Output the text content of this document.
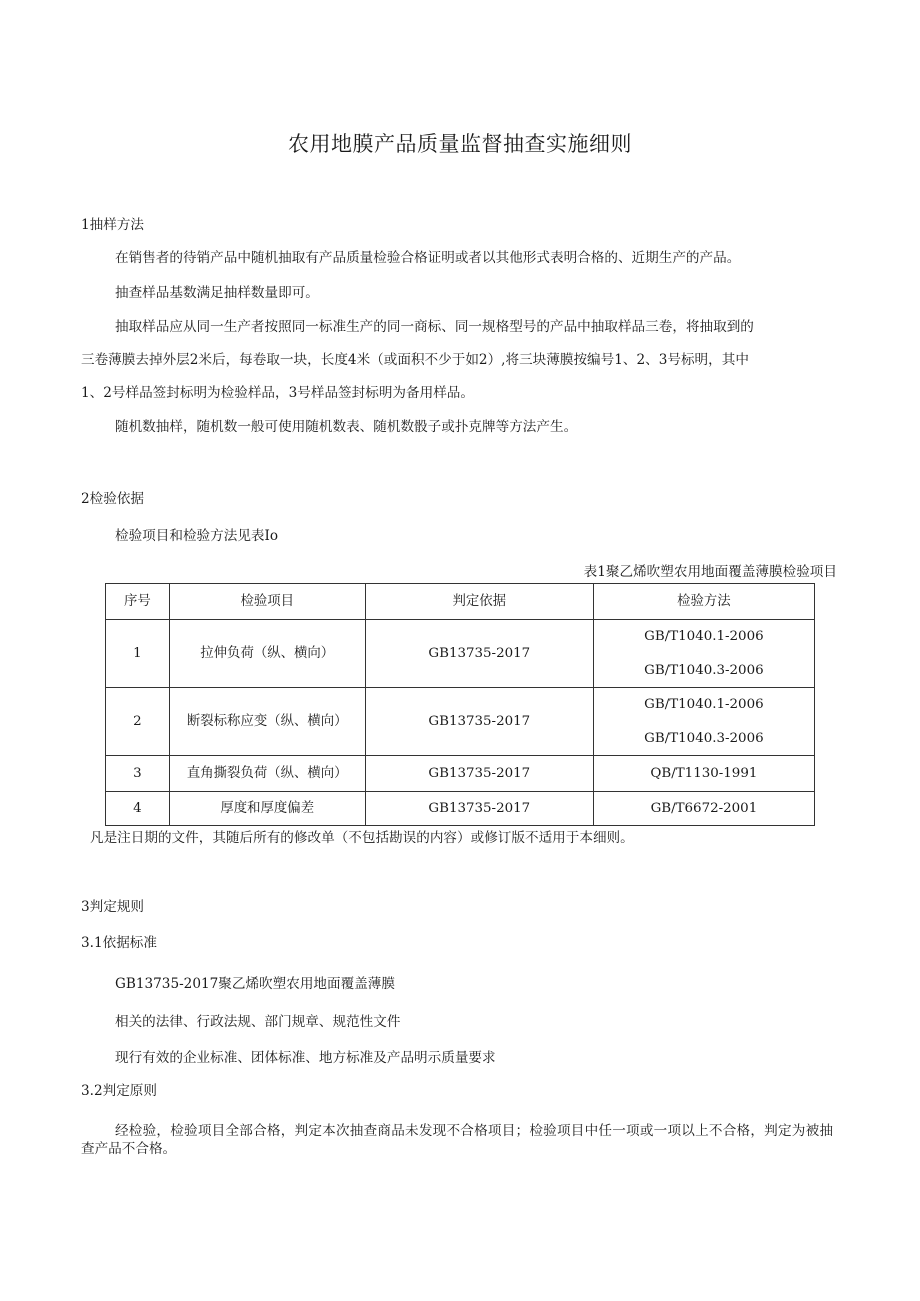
农用地膜产品质量监督抽查实施细则
1抽样方法
在销售者的待销产品中随机抽取有产品质量检验合格证明或者以其他形式表明合格的、近期生产的产品。
抽查样品基数满足抽样数量即可。
抽取样品应从同一生产者按照同一标准生产的同一商标、同一规格型号的产品中抽取样品三卷，将抽取到的
三卷薄膜去掉外层2米后，每卷取一块，长度4米（或面积不少于如2）,将三块薄膜按编号1、2、3号标明，其中
1、2号样品签封标明为检验样品，3号样品签封标明为备用样品。
随机数抽样，随机数一般可使用随机数表、随机数骰子或扑克牌等方法产生。
2检验依据
检验项目和检验方法见表Io
表1聚乙烯吹塑农用地面覆盖薄膜检验项目
序号	检验项目	判定依据	检验方法
1	拉伸负荷（纵、横向）	GB13735-2017	GB/T1040.1-2006
GB/T1040.3-2006

2	断裂标称应变（纵、横向）	GB13735-2017	GB/T1040.1-2006
GB/T1040.3-2006

3	直角撕裂负荷（纵、横向）	GB13735-2017	QB/T1130-1991
4	厚度和厚度偏差	GB13735-2017	GB/T6672-2001
凡是注日期的文件，其随后所有的修改单（不包括勘误的内容）或修订版不适用于本细则。
3判定规则
3.1依据标准
GB13735-2017聚乙烯吹塑农用地面覆盖薄膜
相关的法律、行政法规、部门规章、规范性文件
现行有效的企业标准、团体标准、地方标准及产品明示质量要求
3.2判定原则
经检验，检验项目全部合格，判定本次抽查商品未发现不合格项目；检验项目中任一项或一项以上不合格，判定为被抽查产品不合格。
